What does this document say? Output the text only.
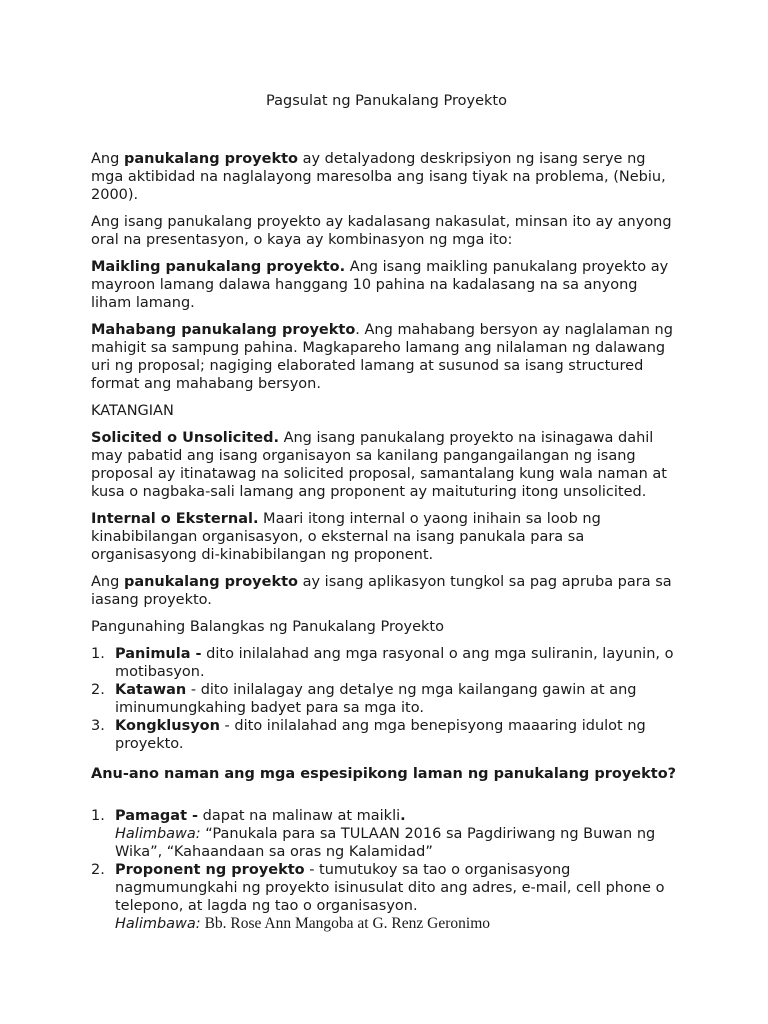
Pagsulat ng Panukalang Proyekto

Ang panukalang proyekto ay detalyadong deskripsiyon ng isang serye ng mga aktibidad na naglalayong maresolba ang isang tiyak na problema, (Nebiu, 2000).

Ang isang panukalang proyekto ay kadalasang nakasulat, minsan ito ay anyong oral na presentasyon, o kaya ay kombinasyon ng mga ito:

Maikling panukalang proyekto. Ang isang maikling panukalang proyekto ay mayroon lamang dalawa hanggang 10 pahina na kadalasang na sa anyong liham lamang.

Mahabang panukalang proyekto. Ang mahabang bersyon ay naglalaman ng mahigit sa sampung pahina. Magkapareho lamang ang nilalaman ng dalawang uri ng proposal; nagiging elaborated lamang at susunod sa isang structured format ang mahabang bersyon.

KATANGIAN

Solicited o Unsolicited. Ang isang panukalang proyekto na isinagawa dahil may pabatid ang isang organisayon sa kanilang pangangailangan ng isang proposal ay itinatawag na solicited proposal, samantalang kung wala naman at kusa o nagbaka-sali lamang ang proponent ay maituturing itong unsolicited.

Internal o Eksternal. Maari itong internal o yaong inihain sa loob ng kinabibilangan organisasyon, o eksternal na isang panukala para sa organisasyong di-kinabibilangan ng proponent.

Ang panukalang proyekto ay isang aplikasyon tungkol sa pag apruba para sa iasang proyekto.

Pangunahing Balangkas ng Panukalang Proyekto

1. Panimula - dito inilalahad ang mga rasyonal o ang mga suliranin, layunin, o motibasyon.
2. Katawan - dito inilalagay ang detalye ng mga kailangang gawin at ang iminumungkahing badyet para sa mga ito.
3. Kongklusyon - dito inilalahad ang mga benepisyong maaaring idulot ng proyekto.

Anu-ano naman ang mga espesipikong laman ng panukalang proyekto?

1. Pamagat - dapat na malinaw at maikli.
Halimbawa: “Panukala para sa TULAAN 2016 sa Pagdiriwang ng Buwan ng Wika”, “Kahaandaan sa oras ng Kalamidad”
2. Proponent ng proyekto - tumutukoy sa tao o organisasyong nagmumungkahi ng proyekto isinusulat dito ang adres, e-mail, cell phone o telepono, at lagda ng tao o organisasyon.
Halimbawa: Bb. Rose Ann Mangoba at G. Renz Geronimo
